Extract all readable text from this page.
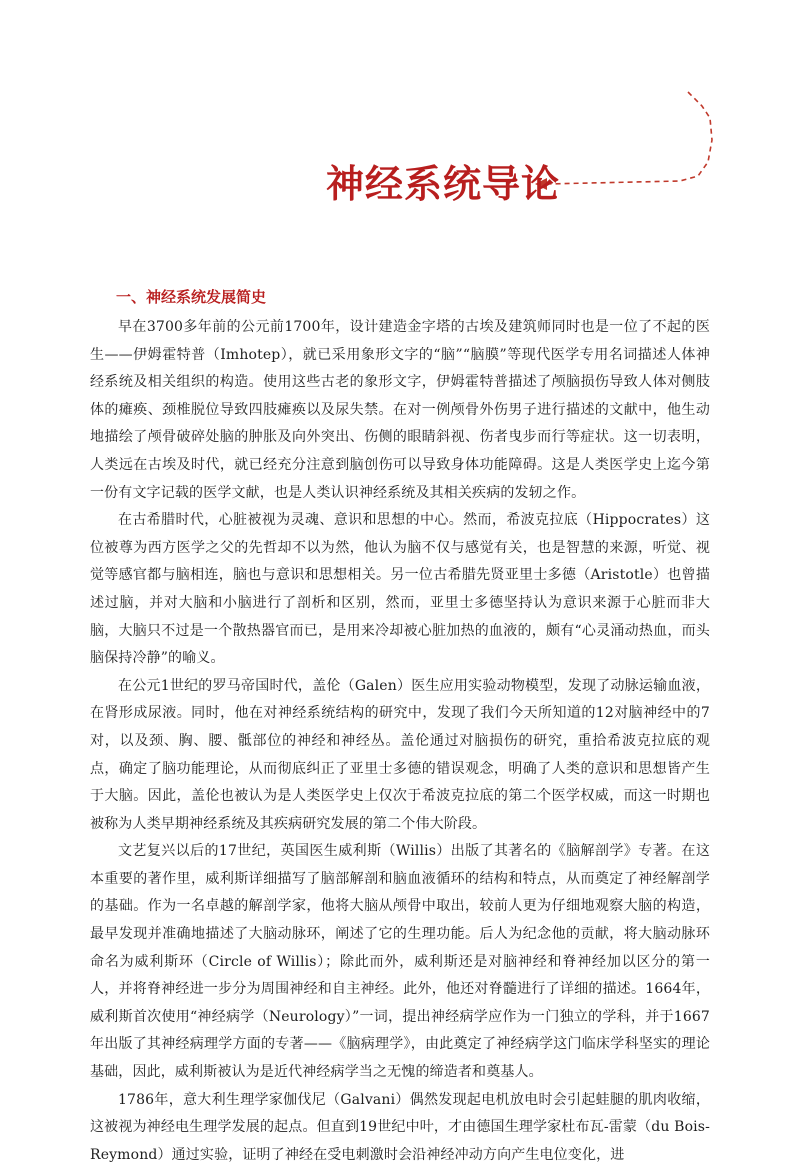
神经系统导论
一、神经系统发展简史

早在3700多年前的公元前1700年，设计建造金字塔的古埃及建筑师同时也是一位了不起的医生——伊姆霍特普（Imhotep），就已采用象形文字的“脑”“脑膜”等现代医学专用名词描述人体神经系统及相关组织的构造。使用这些古老的象形文字，伊姆霍特普描述了颅脑损伤导致人体对侧肢体的瘫痪、颈椎脱位导致四肢瘫痪以及尿失禁。在对一例颅骨外伤男子进行描述的文献中，他生动地描绘了颅骨破碎处脑的肿胀及向外突出、伤侧的眼睛斜视、伤者曳步而行等症状。这一切表明，人类远在古埃及时代，就已经充分注意到脑创伤可以导致身体功能障碍。这是人类医学史上迄今第一份有文字记载的医学文献，也是人类认识神经系统及其相关疾病的发轫之作。

在古希腊时代，心脏被视为灵魂、意识和思想的中心。然而，希波克拉底（Hippocrates）这位被尊为西方医学之父的先哲却不以为然，他认为脑不仅与感觉有关，也是智慧的来源，听觉、视觉等感官都与脑相连，脑也与意识和思想相关。另一位古希腊先贤亚里士多德（Aristotle）也曾描述过脑，并对大脑和小脑进行了剖析和区别，然而，亚里士多德坚持认为意识来源于心脏而非大脑，大脑只不过是一个散热器官而已，是用来冷却被心脏加热的血液的，颇有“心灵涌动热血，而头脑保持冷静”的喻义。

在公元1世纪的罗马帝国时代，盖伦（Galen）医生应用实验动物模型，发现了动脉运输血液，在肾形成尿液。同时，他在对神经系统结构的研究中，发现了我们今天所知道的12对脑神经中的7对，以及颈、胸、腰、骶部位的神经和神经丛。盖伦通过对脑损伤的研究，重拾希波克拉底的观点，确定了脑功能理论，从而彻底纠正了亚里士多德的错误观念，明确了人类的意识和思想皆产生于大脑。因此，盖伦也被认为是人类医学史上仅次于希波克拉底的第二个医学权威，而这一时期也被称为人类早期神经系统及其疾病研究发展的第二个伟大阶段。

文艺复兴以后的17世纪，英国医生威利斯（Willis）出版了其著名的《脑解剖学》专著。在这本重要的著作里，威利斯详细描写了脑部解剖和脑血液循环的结构和特点，从而奠定了神经解剖学的基础。作为一名卓越的解剖学家，他将大脑从颅骨中取出，较前人更为仔细地观察大脑的构造，最早发现并准确地描述了大脑动脉环，阐述了它的生理功能。后人为纪念他的贡献，将大脑动脉环命名为威利斯环（Circle of Willis）；除此而外，威利斯还是对脑神经和脊神经加以区分的第一人，并将脊神经进一步分为周围神经和自主神经。此外，他还对脊髓进行了详细的描述。1664年，威利斯首次使用“神经病学（Neurology）”一词，提出神经病学应作为一门独立的学科，并于1667年出版了其神经病理学方面的专著——《脑病理学》，由此奠定了神经病学这门临床学科坚实的理论基础，因此，威利斯被认为是近代神经病学当之无愧的缔造者和奠基人。

1786年，意大利生理学家伽伐尼（Galvani）偶然发现起电机放电时会引起蛙腿的肌肉收缩，这被视为神经电生理学发展的起点。但直到19世纪中叶，才由德国生理学家杜布瓦-雷蒙（du Bois-Reymond）通过实验，证明了神经在受电刺激时会沿神经冲动方向产生电位变化，进
